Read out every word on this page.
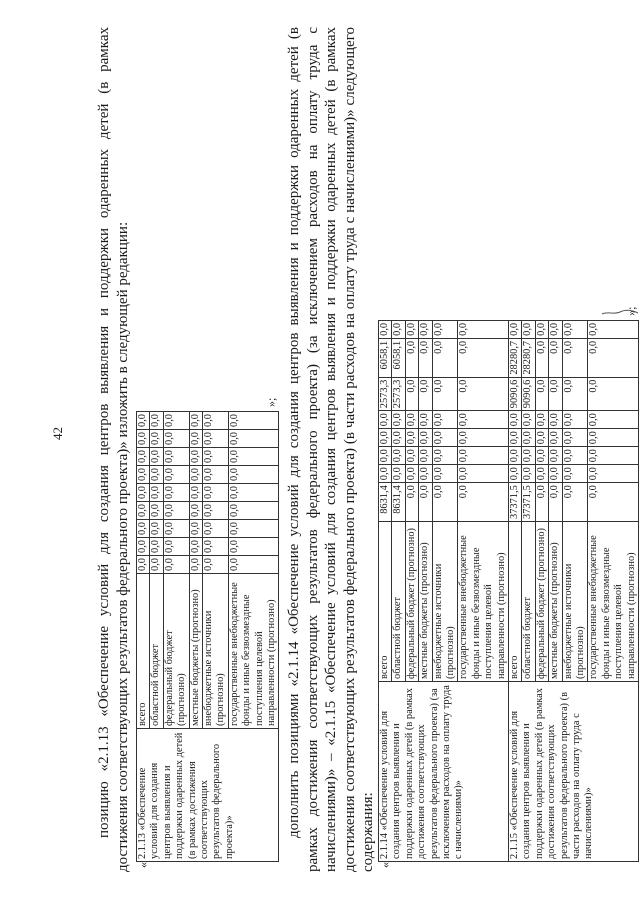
42 позицию «2.1.13 «Обеспечение условий для создания центров выявления и поддержки одаренных детей (в рамках достижения соответствующих результатов федерального проекта)» изложить в следующей редакции: «
2.1.13 «Обеспечение условий для создания центров выявления и поддержки одаренных детей (в рамках достижения соответствующих результатов федерального проекта)»	всего	0,0	0,0	0,0	0,0	0,0	0,0	0,0	0,0	0,0
	областной бюджет	0,0	0,0	0,0	0,0	0,0	0,0	0,0	0,0	0,0
	федеральный бюджет (прогнозно)	0,0	0,0	0,0	0,0	0,0	0,0	0,0	0,0	0,0
	местные бюджеты (прогнозно)	0,0	0,0	0,0	0,0	0,0	0,0	0,0	0,0	0,0
	внебюджетные источники (прогнозно)	0,0	0,0	0,0	0,0	0,0	0,0	0,0	0,0	0,0
	государственные внебюджетные фонды и иные безвозмездные поступления целевой направленности (прогнозно)	0,0	0,0	0,0	0,0	0,0	0,0	0,0	0,0	0,0
»; дополнить позициями «2.1.14 «Обеспечение условий для создания центров выявления и поддержки одаренных детей (в рамках достижения соответствующих результатов федерального проекта) (за исключением расходов на оплату труда с начислениями)» – «2.1.15 «Обеспечение условий для создания центров выявления и поддержки одаренных детей (в рамках достижения соответствующих результатов федерального проекта) (в части расходов на оплату труда с начислениями)» следующего содержания: «
2.1.14 «Обеспечение условий для создания центров выявления и поддержки одаренных детей (в рамках достижения соответствующих результатов федерального проекта) (за исключением расходов на оплату труда с начислениями)»	всего	8631,4	0,0	0,0	0,0	0,0	2573,3	6058,1	0,0
	областной бюджет	8631,4	0,0	0,0	0,0	0,0	2573,3	6058,1	0,0
	федеральный бюджет (прогнозно)	0,0	0,0	0,0	0,0	0,0	0,0	0,0	0,0
	местные бюджеты (прогнозно)	0,0	0,0	0,0	0,0	0,0	0,0	0,0	0,0
	внебюджетные источники (прогнозно)	0,0	0,0	0,0	0,0	0,0	0,0	0,0	0,0
	государственные внебюджетные фонды и иные безвозмездные поступления целевой направленности (прогнозно)	0,0	0,0	0,0	0,0	0,0	0,0	0,0	0,0
2.1.15 «Обеспечение условий для создания центров выявления и поддержки одаренных детей (в рамках достижения соответствующих результатов федерального проекта) (в части расходов на оплату труда с начислениями)»	всего	37371,5	0,0	0,0	0,0	0,0	9090,6	28280,7	0,0
	областной бюджет	37371,5	0,0	0,0	0,0	0,0	9090,6	28280,7	0,0
	федеральный бюджет (прогнозно)	0,0	0,0	0,0	0,0	0,0	0,0	0,0	0,0
	местные бюджеты (прогнозно)	0,0	0,0	0,0	0,0	0,0	0,0	0,0	0,0
	внебюджетные источники (прогнозно)	0,0	0,0	0,0	0,0	0,0	0,0	0,0	0,0
	государственные внебюджетные фонды и иные безвозмездные поступления целевой направленности (прогнозно)	0,0	0,0	0,0	0,0	0,0	0,0	0,0	0,0
»;
